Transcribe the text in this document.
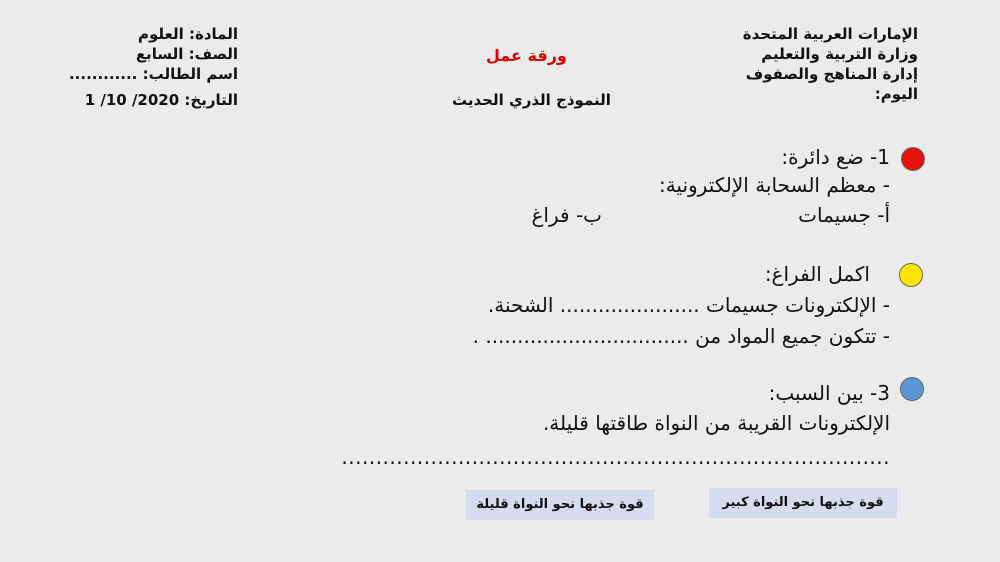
الإمارات العربية المتحدة
وزارة التربية والتعليم
إدارة المناهج والصفوف
اليوم:
ورقة عمل
النموذج الذري الحديث
المادة: العلوم
الصف: السابع
اسم الطالب: ............
التاريخ: 2020/ 10/ 1
1- ضع دائرة:
- معظم السحابة الإلكترونية:
أ- جسيمات
ب- فراغ
اكمل الفراغ:
- الإلكترونات جسيمات ...................... الشحنة.
- تتكون جميع المواد من ................................ .
3- بين السبب:
الإلكترونات القريبة من النواة طاقتها قليلة.
................................................................................
قوة جذبها نحو النواة كبير
قوة جذبها نحو النواة قليلة
